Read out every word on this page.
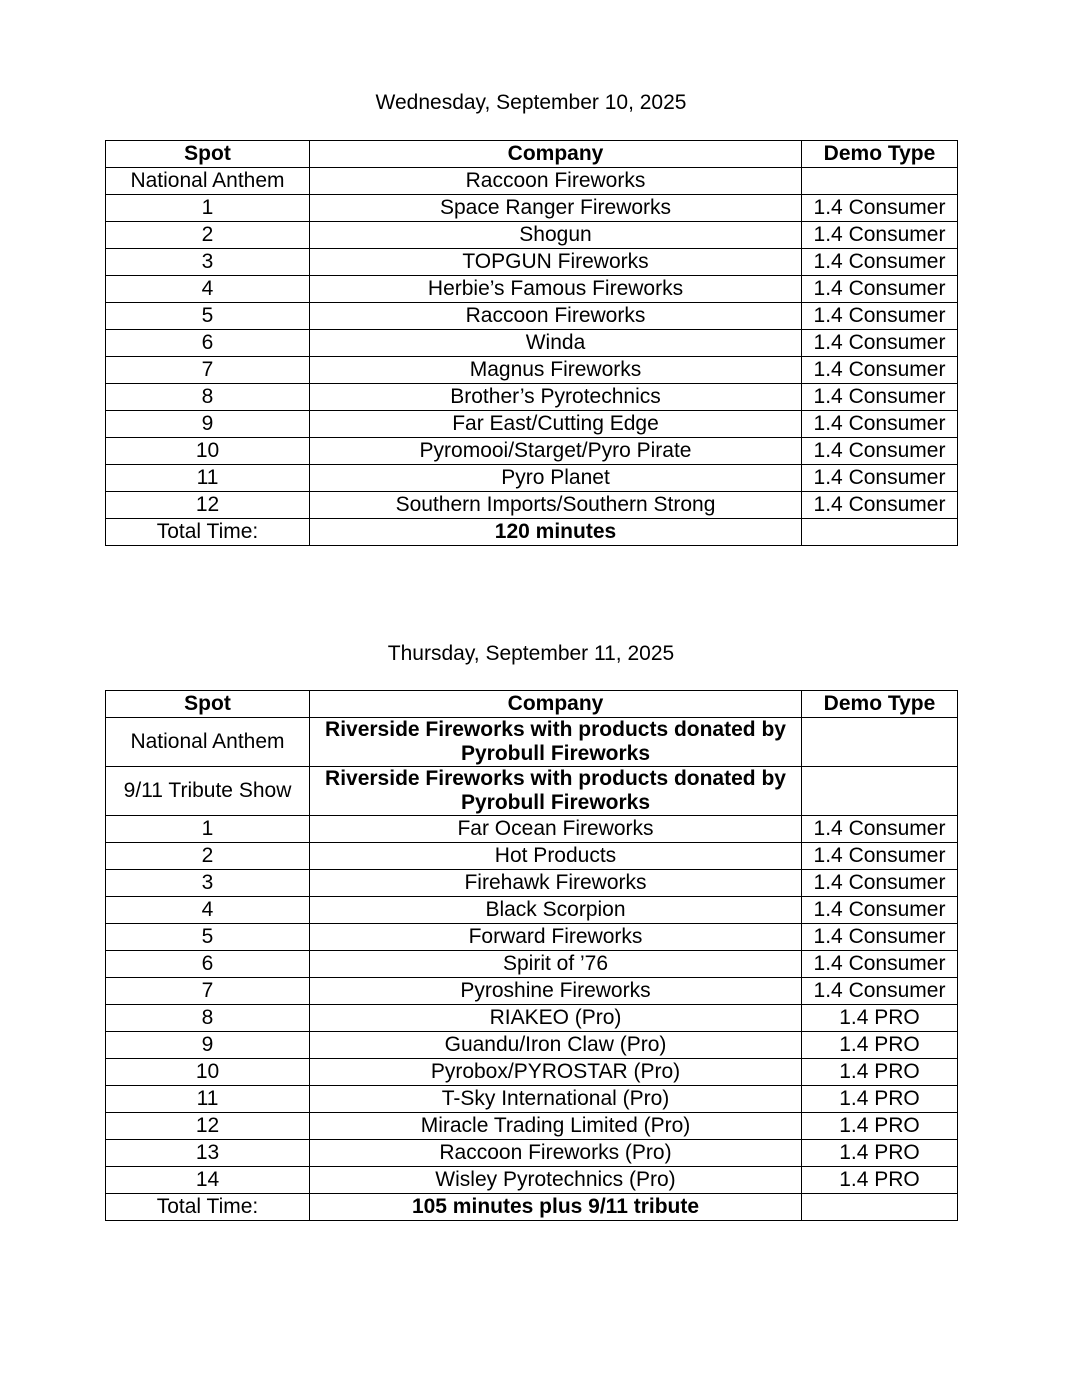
Wednesday, September 10, 2025
Spot	Company	Demo Type
National Anthem	Raccoon Fireworks	
1	Space Ranger Fireworks	1.4 Consumer
2	Shogun	1.4 Consumer
3	TOPGUN Fireworks	1.4 Consumer
4	Herbie’s Famous Fireworks	1.4 Consumer
5	Raccoon Fireworks	1.4 Consumer
6	Winda	1.4 Consumer
7	Magnus Fireworks	1.4 Consumer
8	Brother’s Pyrotechnics	1.4 Consumer
9	Far East/Cutting Edge	1.4 Consumer
10	Pyromooi/Starget/Pyro Pirate	1.4 Consumer
11	Pyro Planet	1.4 Consumer
12	Southern Imports/Southern Strong	1.4 Consumer
Total Time:	120 minutes	
Thursday, September 11, 2025
Spot	Company	Demo Type
National Anthem	Riverside Fireworks with products donated by Pyrobull Fireworks	
9/11 Tribute Show	Riverside Fireworks with products donated by Pyrobull Fireworks	
1	Far Ocean Fireworks	1.4 Consumer
2	Hot Products	1.4 Consumer
3	Firehawk Fireworks	1.4 Consumer
4	Black Scorpion	1.4 Consumer
5	Forward Fireworks	1.4 Consumer
6	Spirit of ’76	1.4 Consumer
7	Pyroshine Fireworks	1.4 Consumer
8	RIAKEO (Pro)	1.4 PRO
9	Guandu/Iron Claw (Pro)	1.4 PRO
10	Pyrobox/PYROSTAR (Pro)	1.4 PRO
11	T-Sky International (Pro)	1.4 PRO
12	Miracle Trading Limited (Pro)	1.4 PRO
13	Raccoon Fireworks (Pro)	1.4 PRO
14	Wisley Pyrotechnics (Pro)	1.4 PRO
Total Time:	105 minutes plus 9/11 tribute	
